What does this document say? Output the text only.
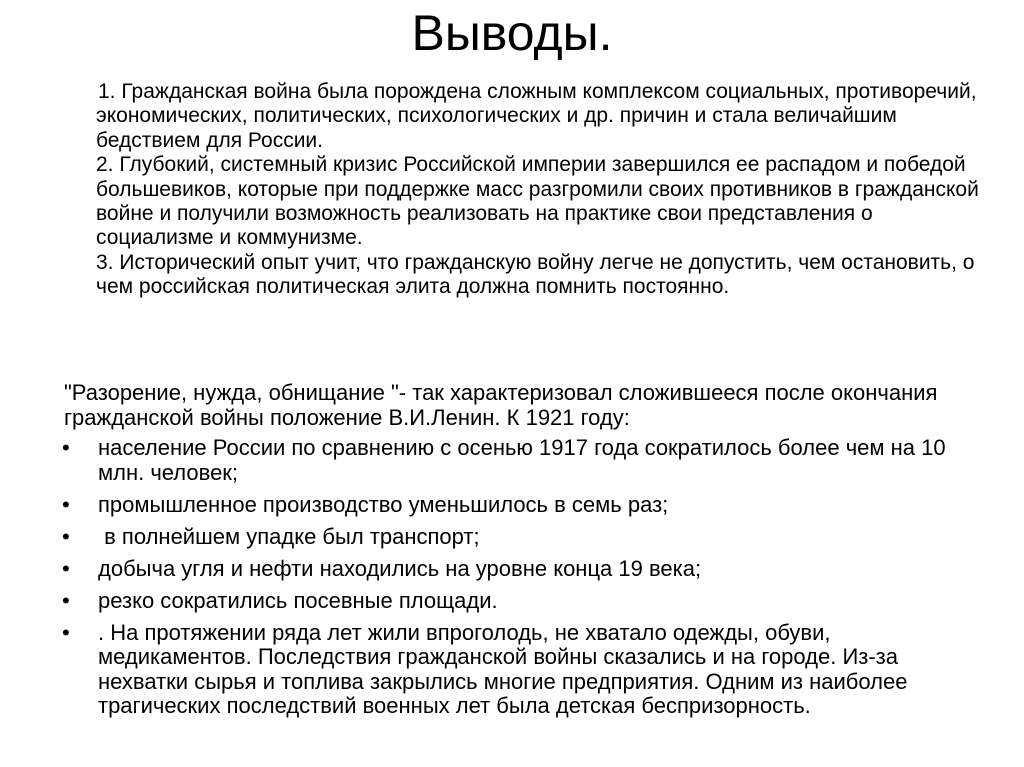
Выводы.

1. Гражданская война была порождена сложным комплексом социальных, противоречий, экономических, политических, психологических и др. причин и стала величайшим бедствием для России.

2. Глубокий, системный кризис Российской империи завершился ее распадом и победой большевиков, которые при поддержке масс разгромили своих противников в гражданской войне и получили возможность реализовать на практике свои представления о социализме и коммунизме.

3. Исторический опыт учит, что гражданскую войну легче не допустить, чем остановить, о чем российская политическая элита должна помнить постоянно.

"Разорение, нужда, обнищание "- так характеризовал сложившееся после окончания гражданской войны положение В.И.Ленин. К 1921 году:

• население России по сравнению с осенью 1917 года сократилось более чем на 10 млн. человек;
• промышленное производство уменьшилось в семь раз;
• в полнейшем упадке был транспорт;
• добыча угля и нефти находились на уровне конца 19 века;
• резко сократились посевные площади.
• . На протяжении ряда лет жили впроголодь, не хватало одежды, обуви, медикаментов. Последствия гражданской войны сказались и на городе. Из-за нехватки сырья и топлива закрылись многие предприятия. Одним из наиболее трагических последствий военных лет была детская беспризорность.
